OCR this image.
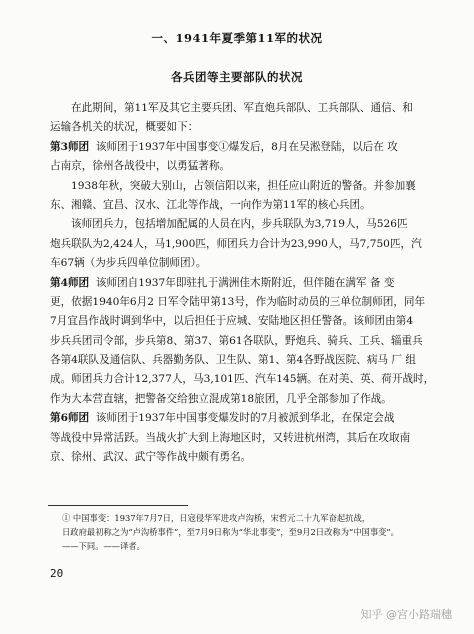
一、1941年夏季第11军的状况
各兵团等主要部队的状况
在此期间，第11军及其它主要兵团、军直炮兵部队、工兵部队、通信、和
运输各机关的状况，概要如下：
第3师团 该师团于1937年中国事变①爆发后，8月在吴淞登陆，以后在 攻
占南京，徐州各战役中，以勇猛著称。
1938年秋，突破大别山，占领信阳以来，担任应山附近的警备。并参加襄
东、湘赣、宜昌、汉水、江北等作战，一向作为第11军的核心兵团。
该师团兵力，包括增加配属的人员在内，步兵联队为3,719人，马526匹
炮兵联队为2,424人，马1,900匹，师团兵力合计为23,990人，马7,750匹，汽
车67辆（为步兵四单位制师团）。
第4师团 该师团自1937年即驻扎于满洲佳木斯附近，但伴随在满军 备 变
更，依据1940年6月2 日军令陆甲第13号，作为临时动员的三单位制师团，同年
7月宜昌作战时调到华中，以后担任于应城、安陆地区担任警备。该师团由第4
步兵兵团司令部，步兵第8、第37、第61各联队，野炮兵、骑兵、工兵、辎重兵
各第4联队及通信队、兵器勤务队、卫生队、第1、第4各野战医院、病马 厂 组
成。师团兵力合计12,377人，马3,101匹、汽车145辆。在对美、英、荷开战时，
作为大本营直辖，把警备交给独立混成第18旅团，几乎全部参加了作战。
第6师团 该师团于1937年中国事变爆发时的7月被派到华北，在保定会战
等战役中异常活跃。当战火扩大到上海地区时，又转进杭州湾，其后在攻取南
京、徐州、武汉、武宁等作战中颇有勇名。
① 中国事变：1937年7月7日，日寇侵华军进攻卢沟桥，宋哲元二十九军奋起抗战，
日政府最初称之为“卢沟桥事件”，至7月9日称为“华北事变”，至9月2日改称为“中国事变”。
——下同。——译者。
20
知乎 @宫小路瑞穗
